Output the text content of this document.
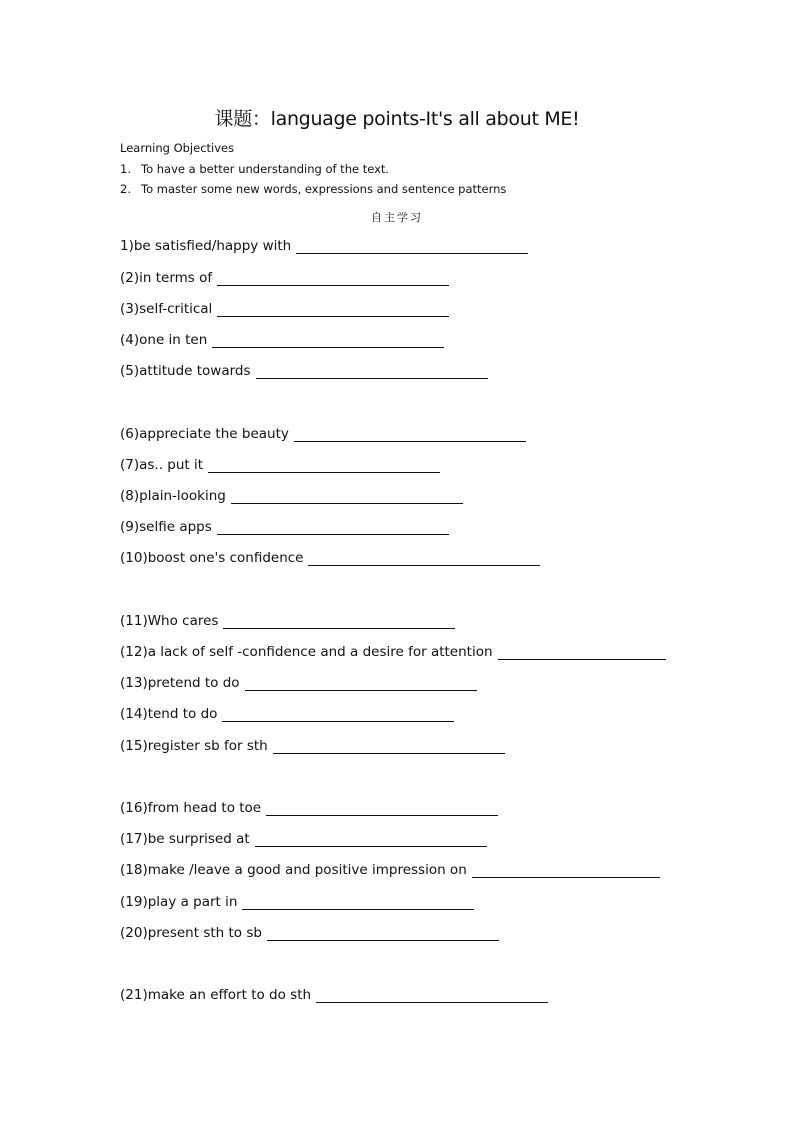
课题：language points-It's all about ME!
Learning Objectives
1. To have a better understanding of the text.
2. To master some new words, expressions and sentence patterns
自主学习
1)be satisfied/happy with
(2)in terms of
(3)self-critical
(4)one in ten
(5)attitude towards
(6)appreciate the beauty
(7)as.. put it
(8)plain-looking
(9)selfie apps
(10)boost one's confidence
(11)Who cares
(12)a lack of self -confidence and a desire for attention
(13)pretend to do
(14)tend to do
(15)register sb for sth
(16)from head to toe
(17)be surprised at
(18)make /leave a good and positive impression on
(19)play a part in
(20)present sth to sb
(21)make an effort to do sth
